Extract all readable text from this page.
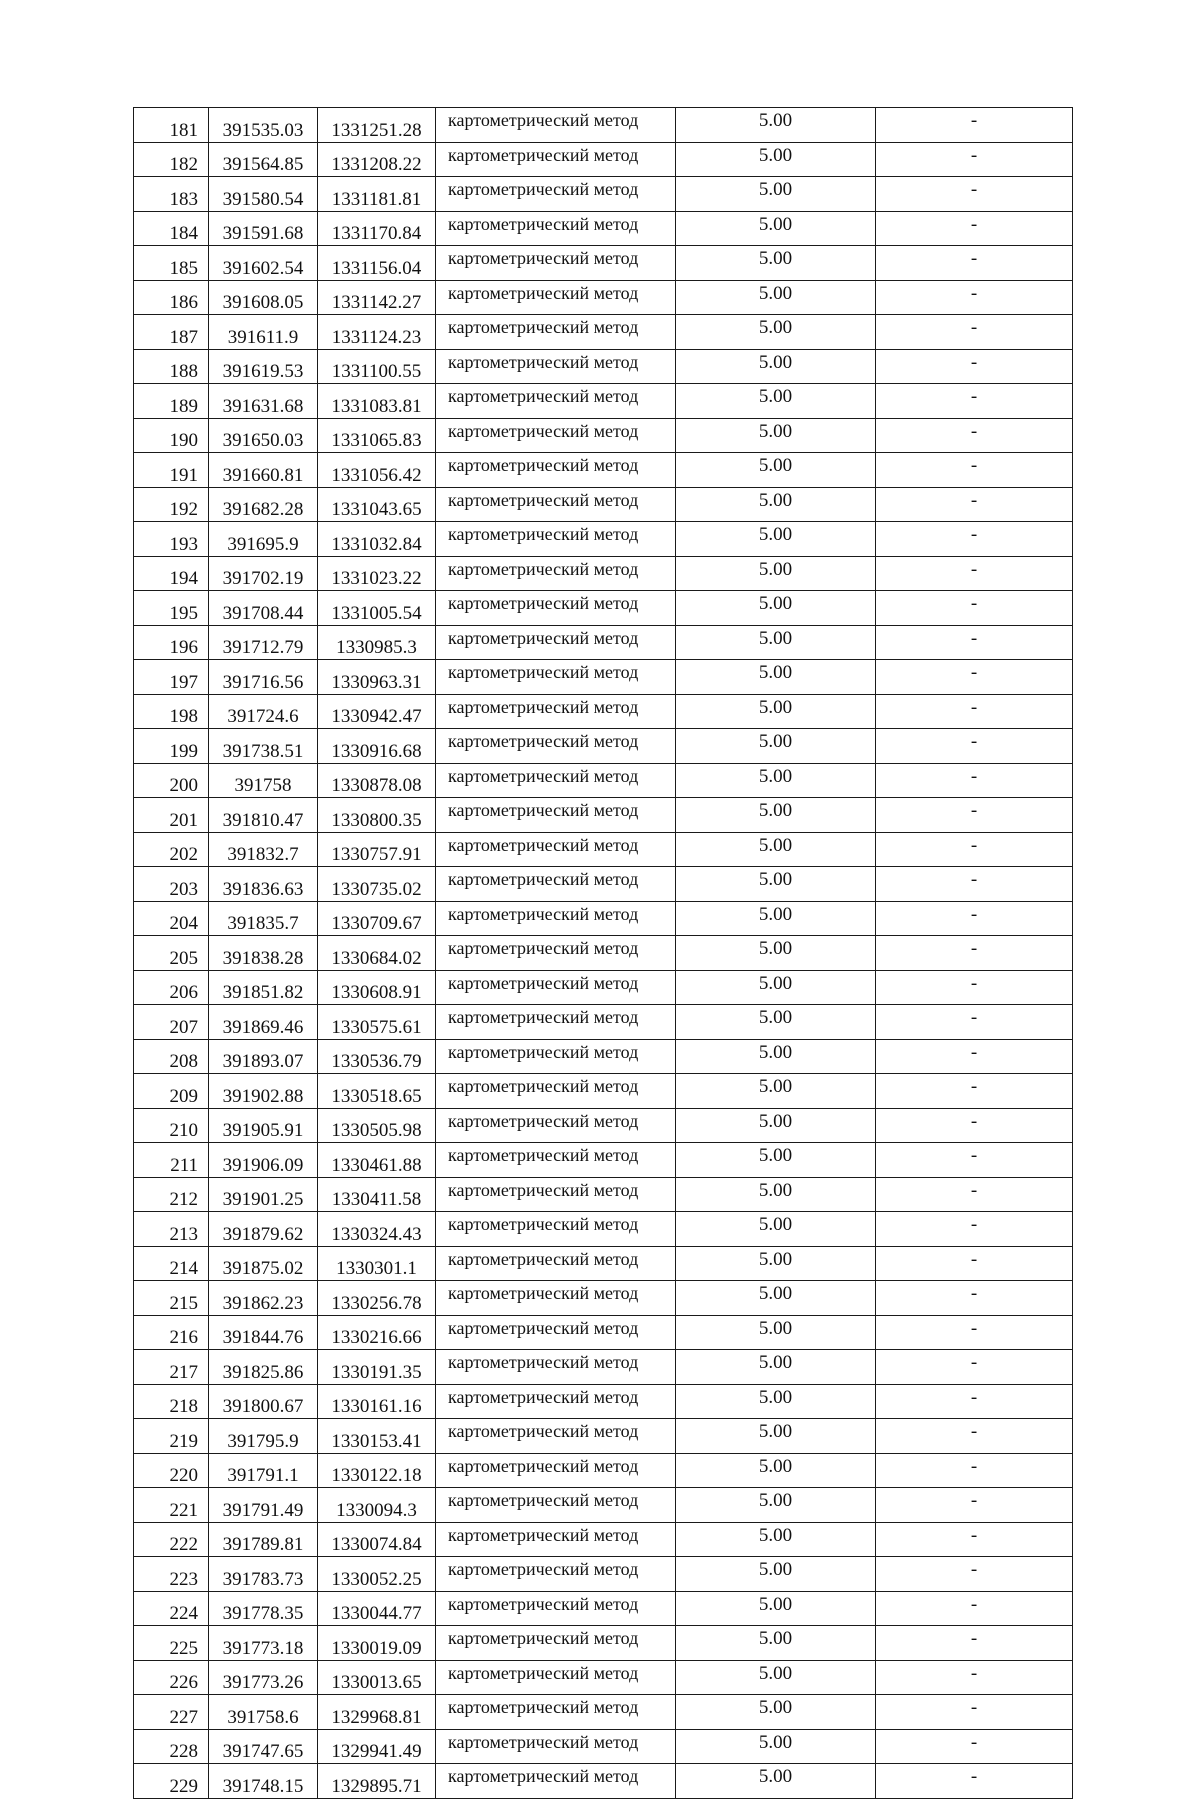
181	391535.03	1331251.28	картометрический метод	5.00	-
182	391564.85	1331208.22	картометрический метод	5.00	-
183	391580.54	1331181.81	картометрический метод	5.00	-
184	391591.68	1331170.84	картометрический метод	5.00	-
185	391602.54	1331156.04	картометрический метод	5.00	-
186	391608.05	1331142.27	картометрический метод	5.00	-
187	391611.9	1331124.23	картометрический метод	5.00	-
188	391619.53	1331100.55	картометрический метод	5.00	-
189	391631.68	1331083.81	картометрический метод	5.00	-
190	391650.03	1331065.83	картометрический метод	5.00	-
191	391660.81	1331056.42	картометрический метод	5.00	-
192	391682.28	1331043.65	картометрический метод	5.00	-
193	391695.9	1331032.84	картометрический метод	5.00	-
194	391702.19	1331023.22	картометрический метод	5.00	-
195	391708.44	1331005.54	картометрический метод	5.00	-
196	391712.79	1330985.3	картометрический метод	5.00	-
197	391716.56	1330963.31	картометрический метод	5.00	-
198	391724.6	1330942.47	картометрический метод	5.00	-
199	391738.51	1330916.68	картометрический метод	5.00	-
200	391758	1330878.08	картометрический метод	5.00	-
201	391810.47	1330800.35	картометрический метод	5.00	-
202	391832.7	1330757.91	картометрический метод	5.00	-
203	391836.63	1330735.02	картометрический метод	5.00	-
204	391835.7	1330709.67	картометрический метод	5.00	-
205	391838.28	1330684.02	картометрический метод	5.00	-
206	391851.82	1330608.91	картометрический метод	5.00	-
207	391869.46	1330575.61	картометрический метод	5.00	-
208	391893.07	1330536.79	картометрический метод	5.00	-
209	391902.88	1330518.65	картометрический метод	5.00	-
210	391905.91	1330505.98	картометрический метод	5.00	-
211	391906.09	1330461.88	картометрический метод	5.00	-
212	391901.25	1330411.58	картометрический метод	5.00	-
213	391879.62	1330324.43	картометрический метод	5.00	-
214	391875.02	1330301.1	картометрический метод	5.00	-
215	391862.23	1330256.78	картометрический метод	5.00	-
216	391844.76	1330216.66	картометрический метод	5.00	-
217	391825.86	1330191.35	картометрический метод	5.00	-
218	391800.67	1330161.16	картометрический метод	5.00	-
219	391795.9	1330153.41	картометрический метод	5.00	-
220	391791.1	1330122.18	картометрический метод	5.00	-
221	391791.49	1330094.3	картометрический метод	5.00	-
222	391789.81	1330074.84	картометрический метод	5.00	-
223	391783.73	1330052.25	картометрический метод	5.00	-
224	391778.35	1330044.77	картометрический метод	5.00	-
225	391773.18	1330019.09	картометрический метод	5.00	-
226	391773.26	1330013.65	картометрический метод	5.00	-
227	391758.6	1329968.81	картометрический метод	5.00	-
228	391747.65	1329941.49	картометрический метод	5.00	-
229	391748.15	1329895.71	картометрический метод	5.00	-
